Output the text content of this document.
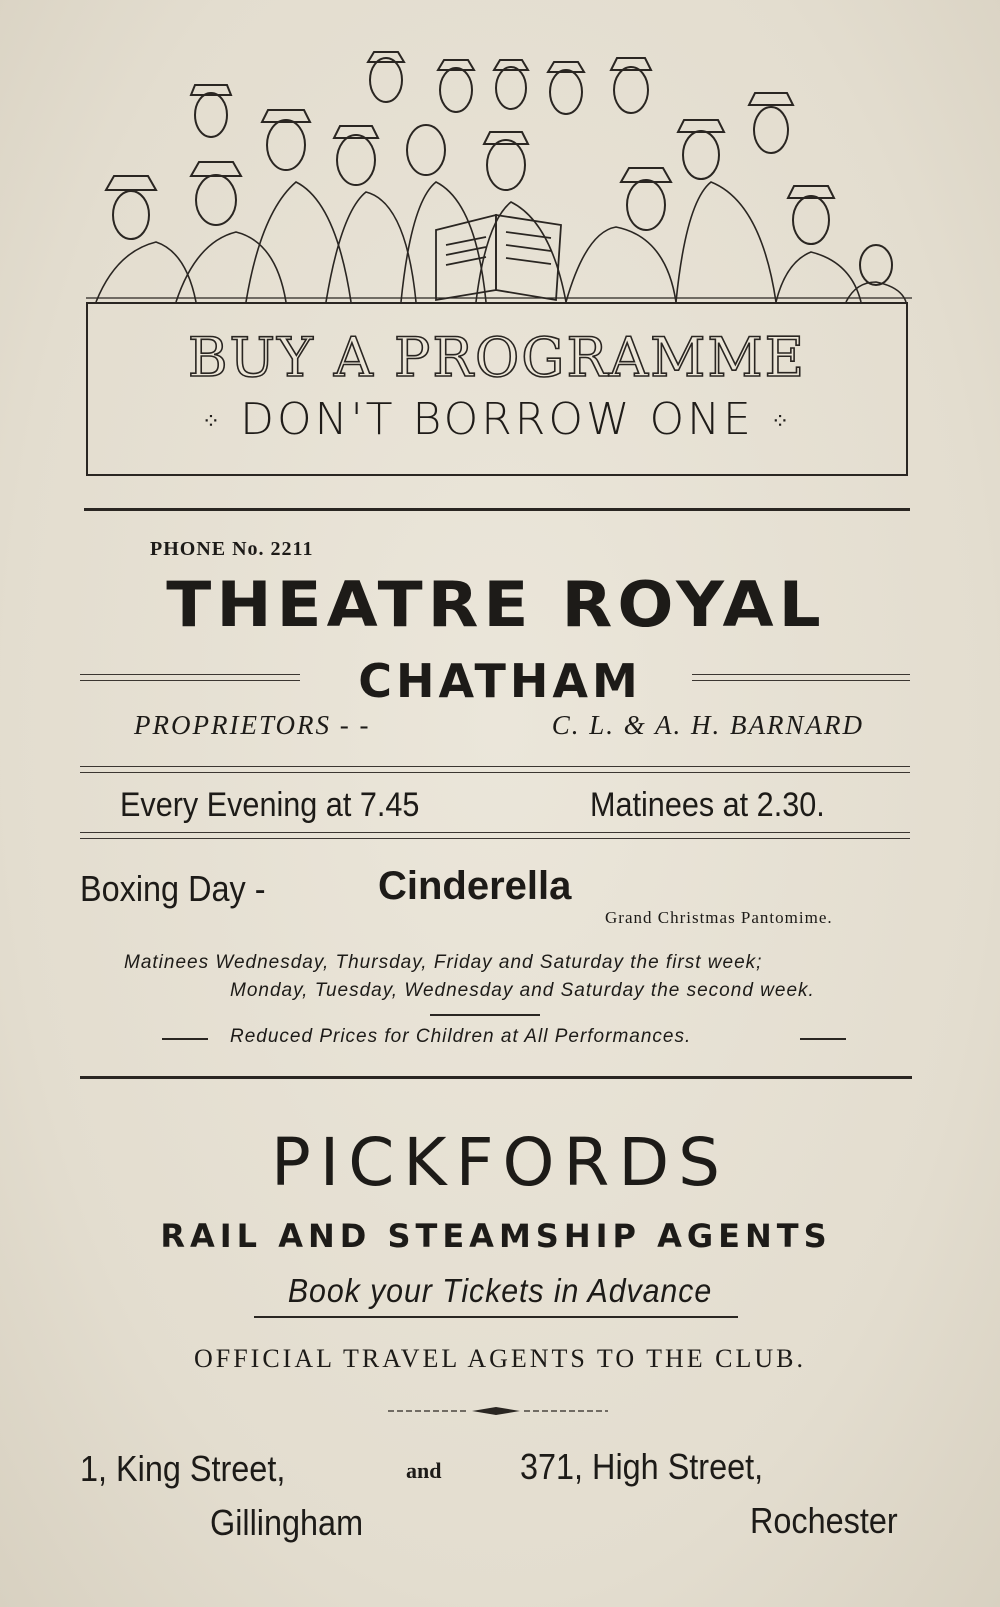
BUY A PROGRAMME
⁘ DON'T BORROW ONE ⁘
PHONE No. 2211
THEATRE ROYAL
CHATHAM
PROPRIETORS - -	C. L. & A. H. BARNARD
Every Evening at 7.45	Matinees at 2.30.
Boxing Day -	Cinderella
Grand Christmas Pantomime.
Matinees Wednesday, Thursday, Friday and Saturday the first week;
Monday, Tuesday, Wednesday and Saturday the second week.
Reduced Prices for Children at All Performances.
PICKFORDS
RAIL AND STEAMSHIP AGENTS
Book your Tickets in Advance
OFFICIAL TRAVEL AGENTS TO THE CLUB.
1, King Street,	and 371, High Street,
Gillingham	Rochester
